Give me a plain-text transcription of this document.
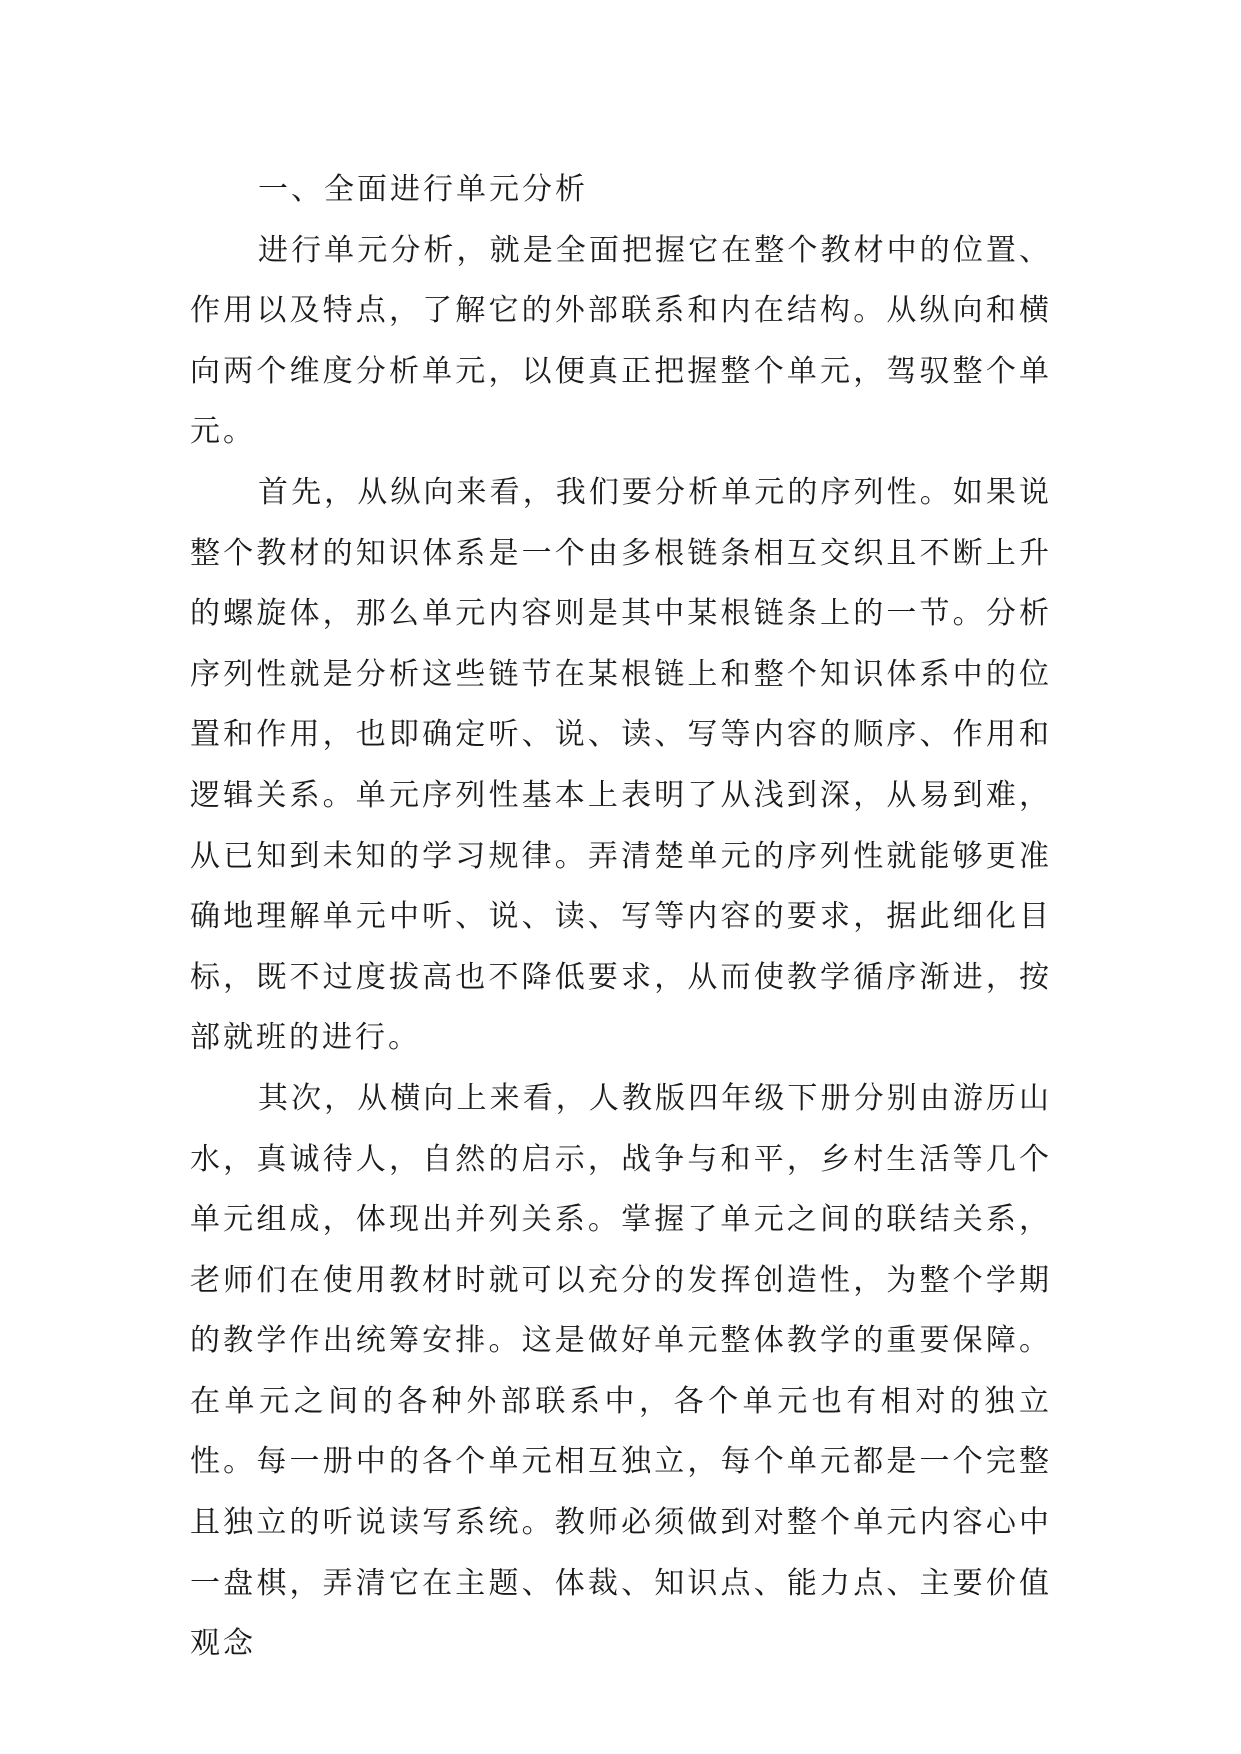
一、全面进行单元分析

进行单元分析，就是全面把握它在整个教材中的位置、作用以及特点，了解它的外部联系和内在结构。从纵向和横向两个维度分析单元，以便真正把握整个单元，驾驭整个单元。

首先，从纵向来看，我们要分析单元的序列性。如果说整个教材的知识体系是一个由多根链条相互交织且不断上升的螺旋体，那么单元内容则是其中某根链条上的一节。分析序列性就是分析这些链节在某根链上和整个知识体系中的位置和作用，也即确定听、说、读、写等内容的顺序、作用和逻辑关系。单元序列性基本上表明了从浅到深，从易到难，从已知到未知的学习规律。弄清楚单元的序列性就能够更准确地理解单元中听、说、读、写等内容的要求，据此细化目标，既不过度拔高也不降低要求，从而使教学循序渐进，按部就班的进行。

其次，从横向上来看，人教版四年级下册分别由游历山水，真诚待人，自然的启示，战争与和平，乡村生活等几个单元组成，体现出并列关系。掌握了单元之间的联结关系，老师们在使用教材时就可以充分的发挥创造性，为整个学期的教学作出统筹安排。这是做好单元整体教学的重要保障。在单元之间的各种外部联系中，各个单元也有相对的独立性。每一册中的各个单元相互独立，每个单元都是一个完整且独立的听说读写系统。教师必须做到对整个单元内容心中一盘棋，弄清它在主题、体裁、知识点、能力点、主要价值观念
